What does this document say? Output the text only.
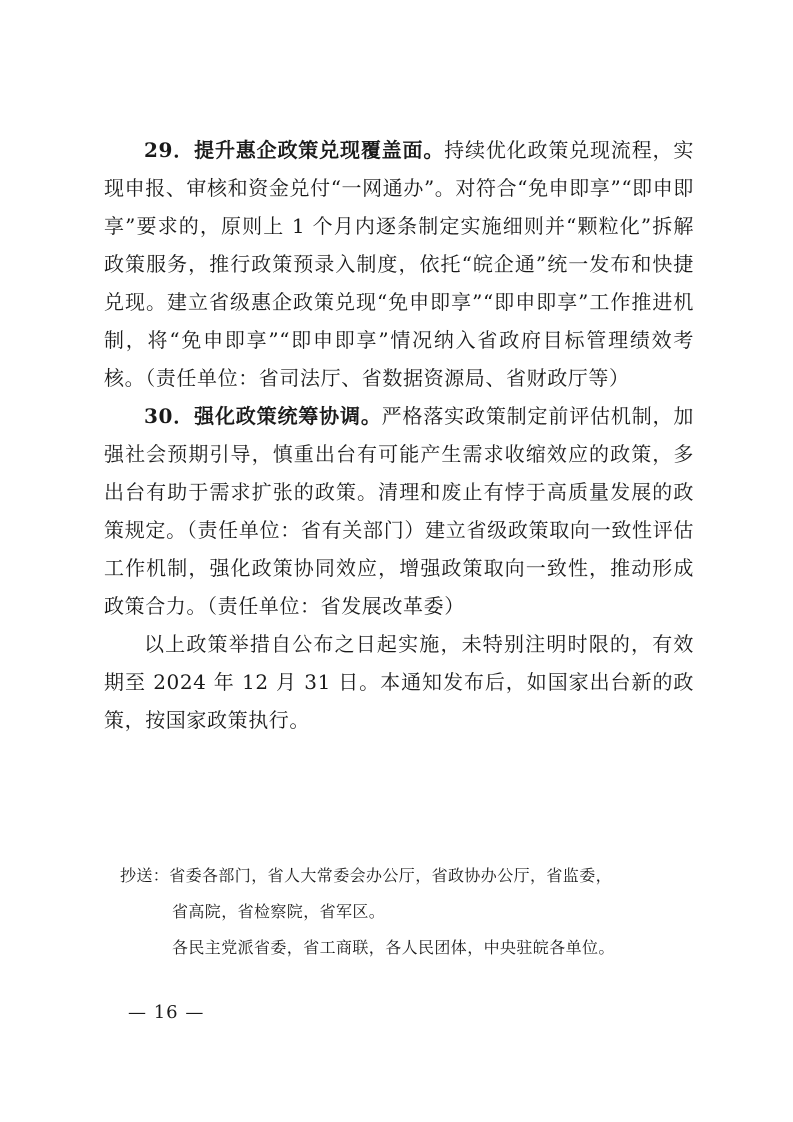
29．提升惠企政策兑现覆盖面。持续优化政策兑现流程，实现申报、审核和资金兑付“一网通办”。对符合“免申即享”“即申即享”要求的，原则上 1 个月内逐条制定实施细则并“颗粒化”拆解政策服务，推行政策预录入制度，依托“皖企通”统一发布和快捷兑现。建立省级惠企政策兑现“免申即享”“即申即享”工作推进机制，将“免申即享”“即申即享”情况纳入省政府目标管理绩效考核。（责任单位：省司法厅、省数据资源局、省财政厅等）

30．强化政策统筹协调。严格落实政策制定前评估机制，加强社会预期引导，慎重出台有可能产生需求收缩效应的政策，多出台有助于需求扩张的政策。清理和废止有悖于高质量发展的政策规定。（责任单位：省有关部门）建立省级政策取向一致性评估工作机制，强化政策协同效应，增强政策取向一致性，推动形成政策合力。（责任单位：省发展改革委）

以上政策举措自公布之日起实施，未特别注明时限的，有效期至 2024 年 12 月 31 日。本通知发布后，如国家出台新的政策，按国家政策执行。

抄送：省委各部门，省人大常委会办公厅，省政协办公厅，省监委，
省高院，省检察院，省军区。
各民主党派省委，省工商联，各人民团体，中央驻皖各单位。
— 16 —
